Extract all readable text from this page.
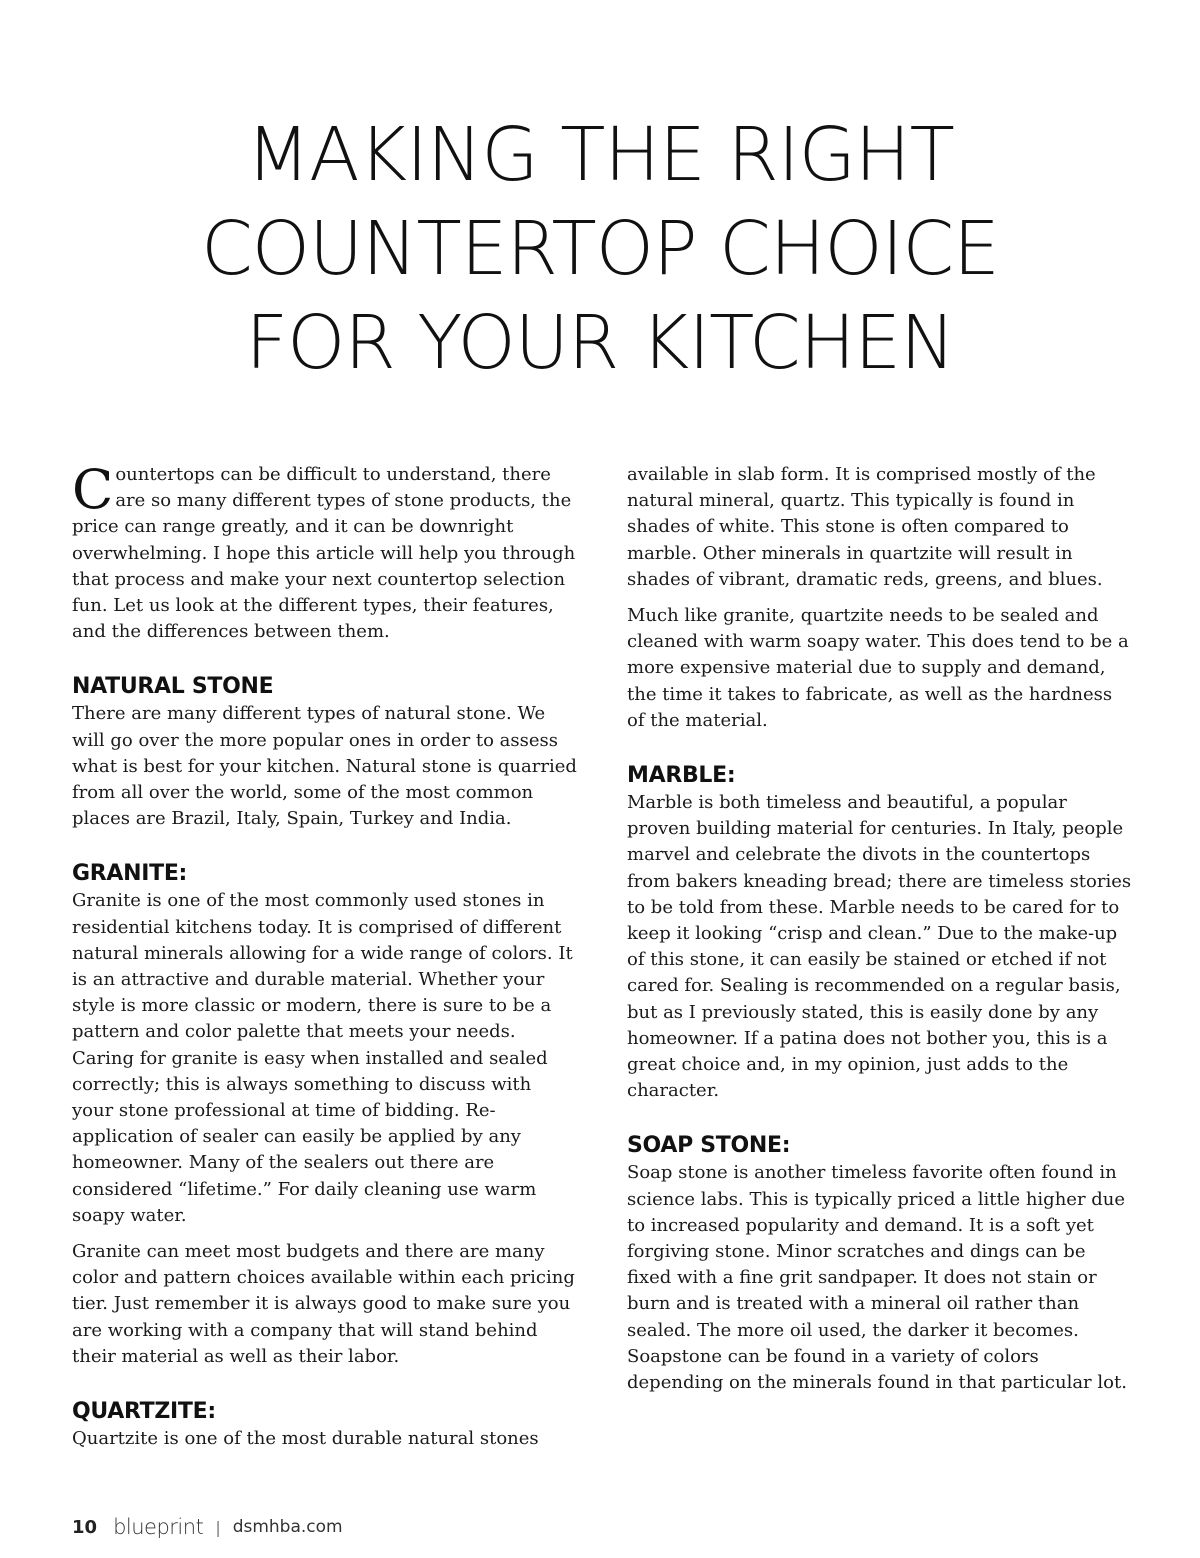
MAKING THE RIGHT
COUNTERTOP CHOICE
FOR YOUR KITCHEN

Countertops can be difficult to understand, there are so many different types of stone products, the price can range greatly, and it can be downright overwhelming. I hope this article will help you through that process and make your next countertop selection fun. Let us look at the different types, their features, and the differences between them.

NATURAL STONE

There are many different types of natural stone. We will go over the more popular ones in order to assess what is best for your kitchen. Natural stone is quarried from all over the world, some of the most common places are Brazil, Italy, Spain, Turkey and India.

GRANITE:

Granite is one of the most commonly used stones in residential kitchens today. It is comprised of different natural minerals allowing for a wide range of colors. It is an attractive and durable material. Whether your style is more classic or modern, there is sure to be a pattern and color palette that meets your needs. Caring for granite is easy when installed and sealed correctly; this is always something to discuss with your stone professional at time of bidding. Re-application of sealer can easily be applied by any homeowner. Many of the sealers out there are considered “lifetime.” For daily cleaning use warm soapy water.

Granite can meet most budgets and there are many color and pattern choices available within each pricing tier. Just remember it is always good to make sure you are working with a company that will stand behind their material as well as their labor.

QUARTZITE:

Quartzite is one of the most durable natural stones

available in slab form. It is comprised mostly of the natural mineral, quartz. This typically is found in shades of white. This stone is often compared to marble. Other minerals in quartzite will result in shades of vibrant, dramatic reds, greens, and blues.

Much like granite, quartzite needs to be sealed and cleaned with warm soapy water. This does tend to be a more expensive material due to supply and demand, the time it takes to fabricate, as well as the hardness of the material.

MARBLE:

Marble is both timeless and beautiful, a popular proven building material for centuries. In Italy, people marvel and celebrate the divots in the countertops from bakers kneading bread; there are timeless stories to be told from these. Marble needs to be cared for to keep it looking “crisp and clean.” Due to the make-up of this stone, it can easily be stained or etched if not cared for. Sealing is recommended on a regular basis, but as I previously stated, this is easily done by any homeowner. If a patina does not bother you, this is a great choice and, in my opinion, just adds to the character.

SOAP STONE:

Soap stone is another timeless favorite often found in science labs. This is typically priced a little higher due to increased popularity and demand. It is a soft yet forgiving stone. Minor scratches and dings can be fixed with a fine grit sandpaper. It does not stain or burn and is treated with a mineral oil rather than sealed. The more oil used, the darker it becomes. Soapstone can be found in a variety of colors depending on the minerals found in that particular lot.

10 blueprint | dsmhba.com
